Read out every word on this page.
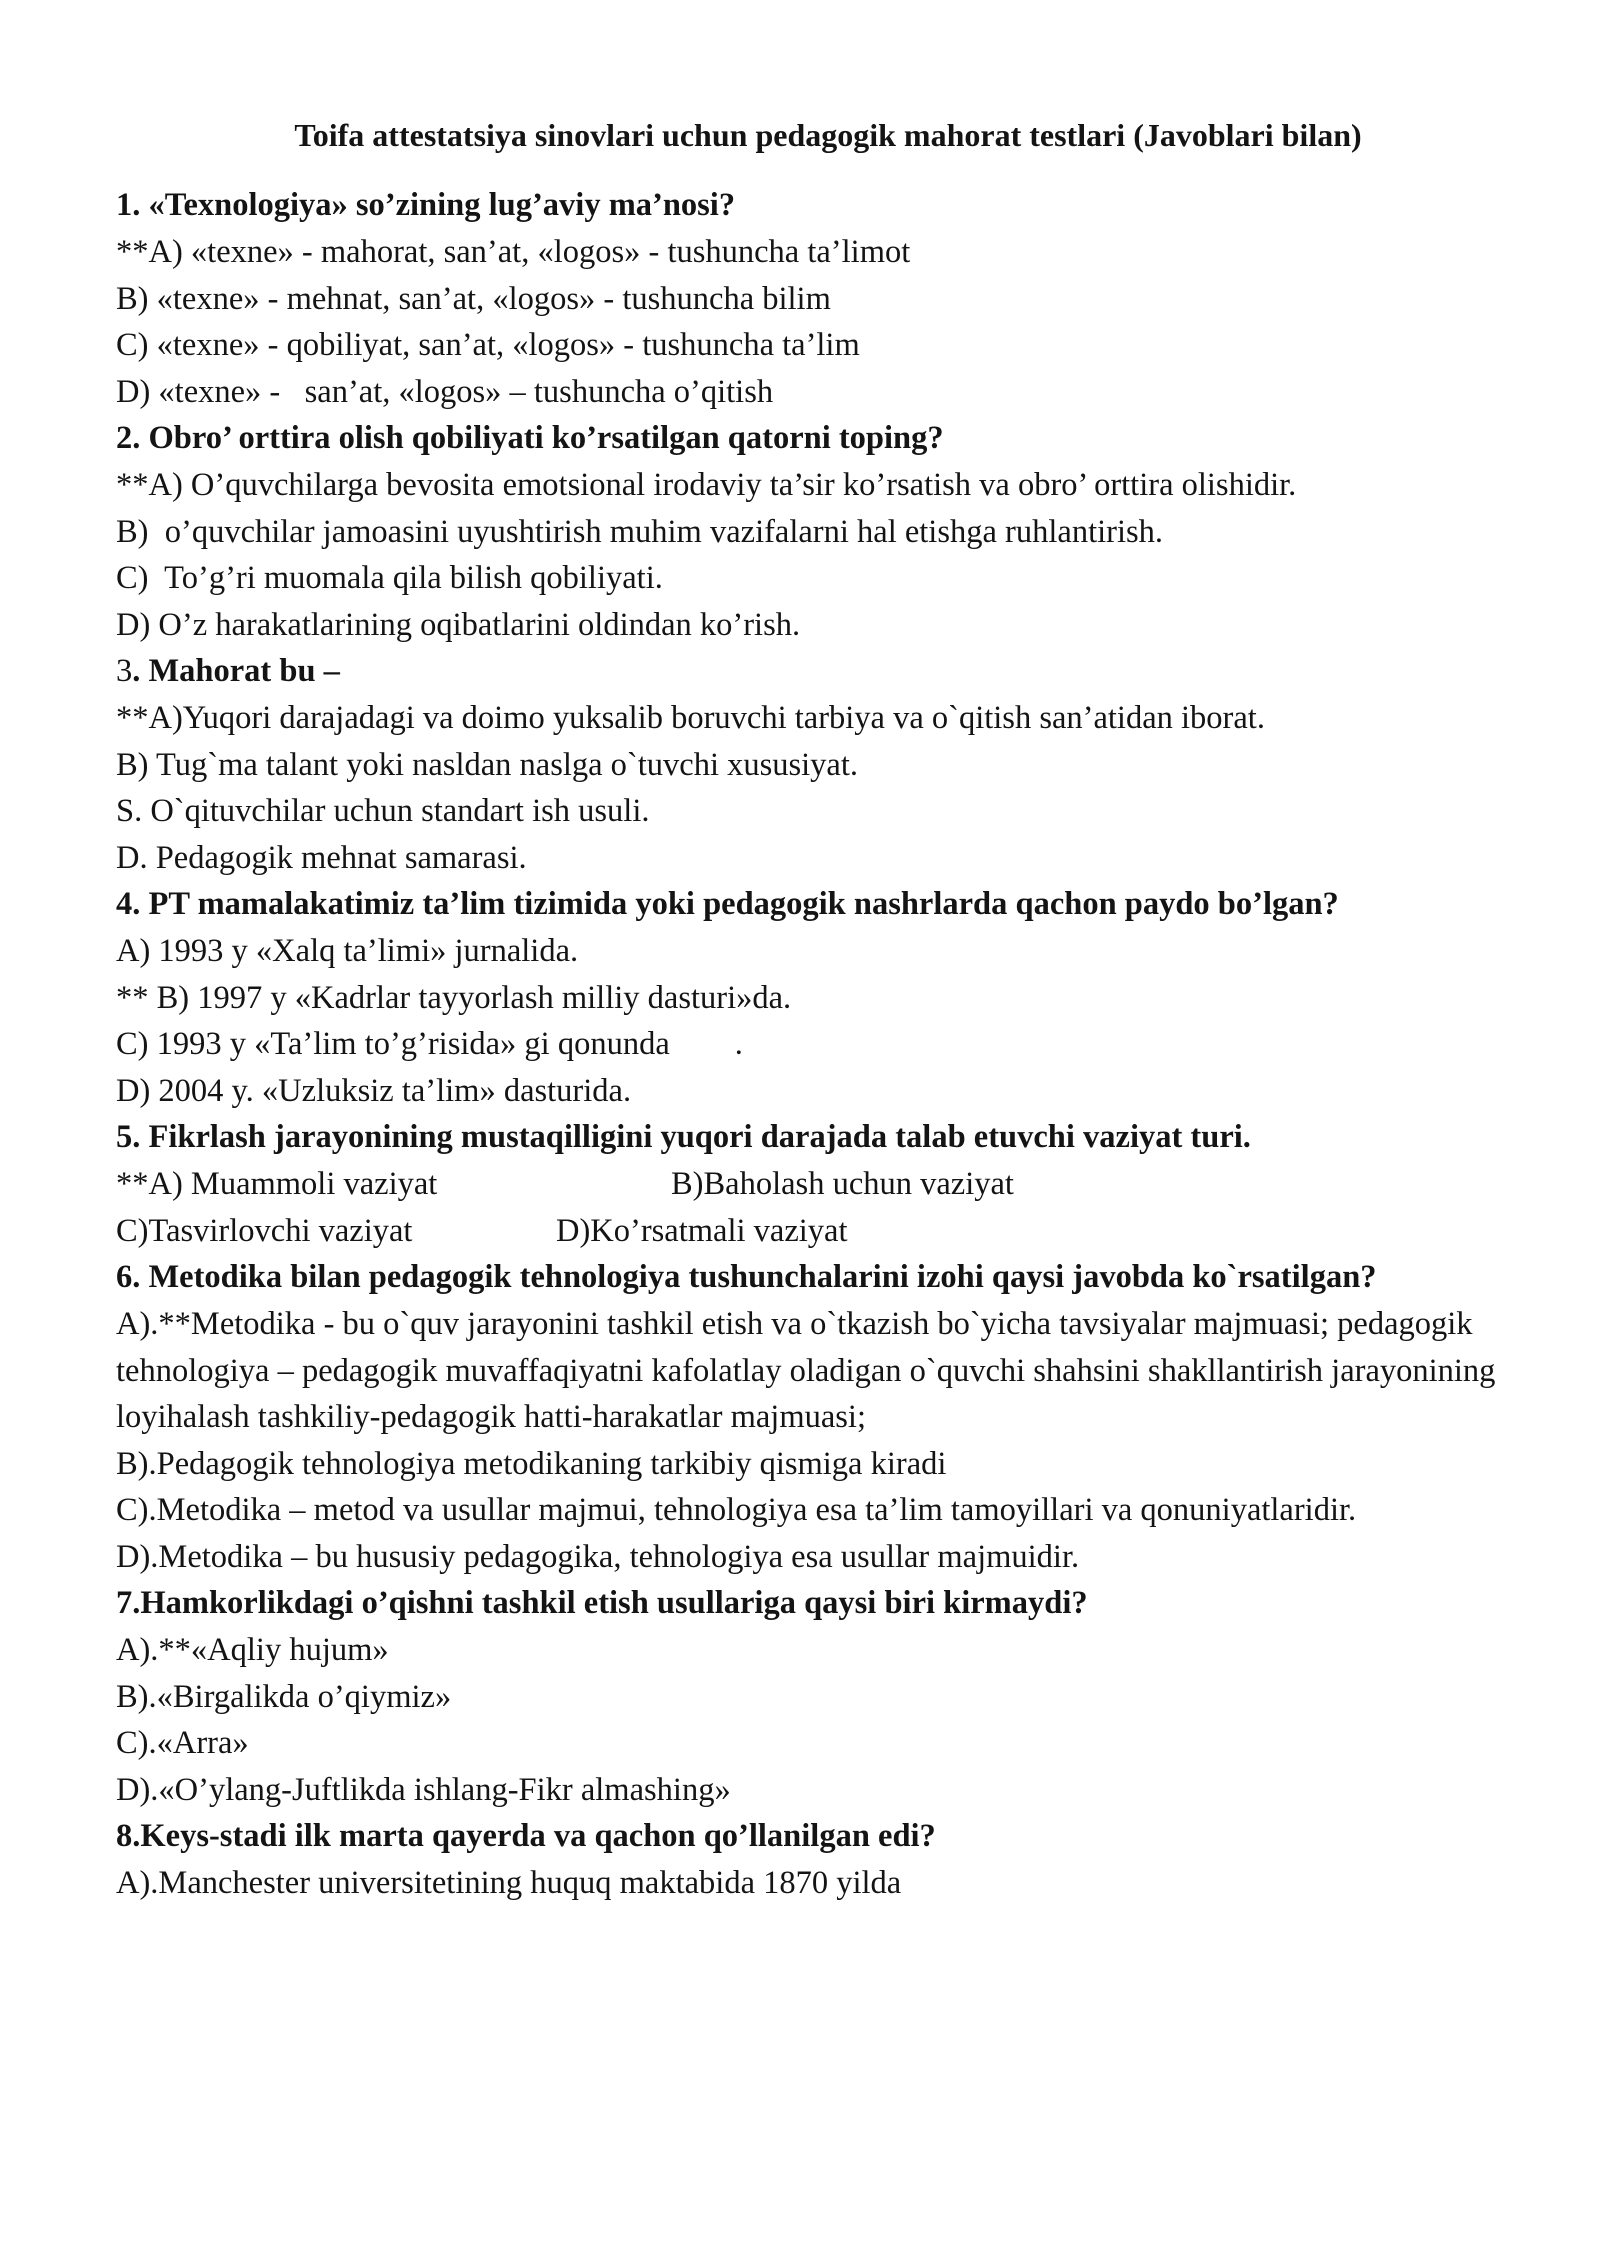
Toifa attestatsiya sinovlari uchun pedagogik mahorat testlari (Javoblari bilan)
1. «Texnologiya» so’zining lug’aviy ma’nosi?
**A) «texne» - mahorat, san’at, «logos» - tushuncha ta’limot
B) «texne» - mehnat, san’at, «logos» - tushuncha bilim
C) «texne» - qobiliyat, san’at, «logos» - tushuncha ta’lim
D) «texne» -   san’at, «logos» – tushuncha o’qitish
2. Obro’ orttira olish qobiliyati ko’rsatilgan qatorni toping?
**A) O’quvchilarga bevosita emotsional irodaviy ta’sir ko’rsatish va obro’ orttira olishidir.
B)  o’quvchilar jamoasini uyushtirish muhim vazifalarni hal etishga ruhlantirish.
C)  To’g’ri muomala qila bilish qobiliyati.
D) O’z harakatlarining oqibatlarini oldindan ko’rish.
3. Mahorat bu –
**A)Yuqori darajadagi va doimo yuksalib boruvchi tarbiya va o`qitish san’atidan iborat.
B) Tug`ma talant yoki nasldan naslga o`tuvchi xususiyat.
S. O`qituvchilar uchun standart ish usuli.
D. Pedagogik mehnat samarasi.
4. PT mamalakatimiz ta’lim tizimida yoki pedagogik nashrlarda qachon paydo bo’lgan?
A) 1993 y «Xalq ta’limi» jurnalida.
** B) 1997 y «Kadrlar tayyorlash milliy dasturi»da.
C) 1993 y «Ta’lim to’g’risida» gi qonunda        .
D) 2004 y. «Uzluksiz ta’lim» dasturida.
5. Fikrlash jarayonining mustaqilligini yuqori darajada talab etuvchi vaziyat turi.
**A) Muammoli vaziyat	B)Baholash uchun vaziyat
C)Tasvirlovchi vaziyat	D)Ko’rsatmali vaziyat
6. Metodika bilan pedagogik tehnologiya tushunchalarini izohi qaysi javobda ko`rsatilgan?
A).**Metodika - bu o`quv jarayonini tashkil etish va o`tkazish bo`yicha tavsiyalar majmuasi; pedagogik tehnologiya – pedagogik muvaffaqiyatni kafolatlay oladigan o`quvchi shahsini shakllantirish jarayonining loyihalash tashkiliy-pedagogik hatti-harakatlar majmuasi;
B).Pedagogik tehnologiya metodikaning tarkibiy qismiga kiradi
C).Metodika – metod va usullar majmui, tehnologiya esa ta’lim tamoyillari va qonuniyatlaridir.
D).Metodika – bu hususiy pedagogika, tehnologiya esa usullar majmuidir.
7.Hamkorlikdagi o’qishni tashkil etish usullariga qaysi biri kirmaydi?
A).**«Aqliy hujum»
B).«Birgalikda o’qiymiz»
C).«Arra»
D).«O’ylang-Juftlikda ishlang-Fikr almashing»
8.Keys-stadi ilk marta qayerda va qachon qo’llanilgan edi?
A).Manchester universitetining huquq maktabida 1870 yilda
